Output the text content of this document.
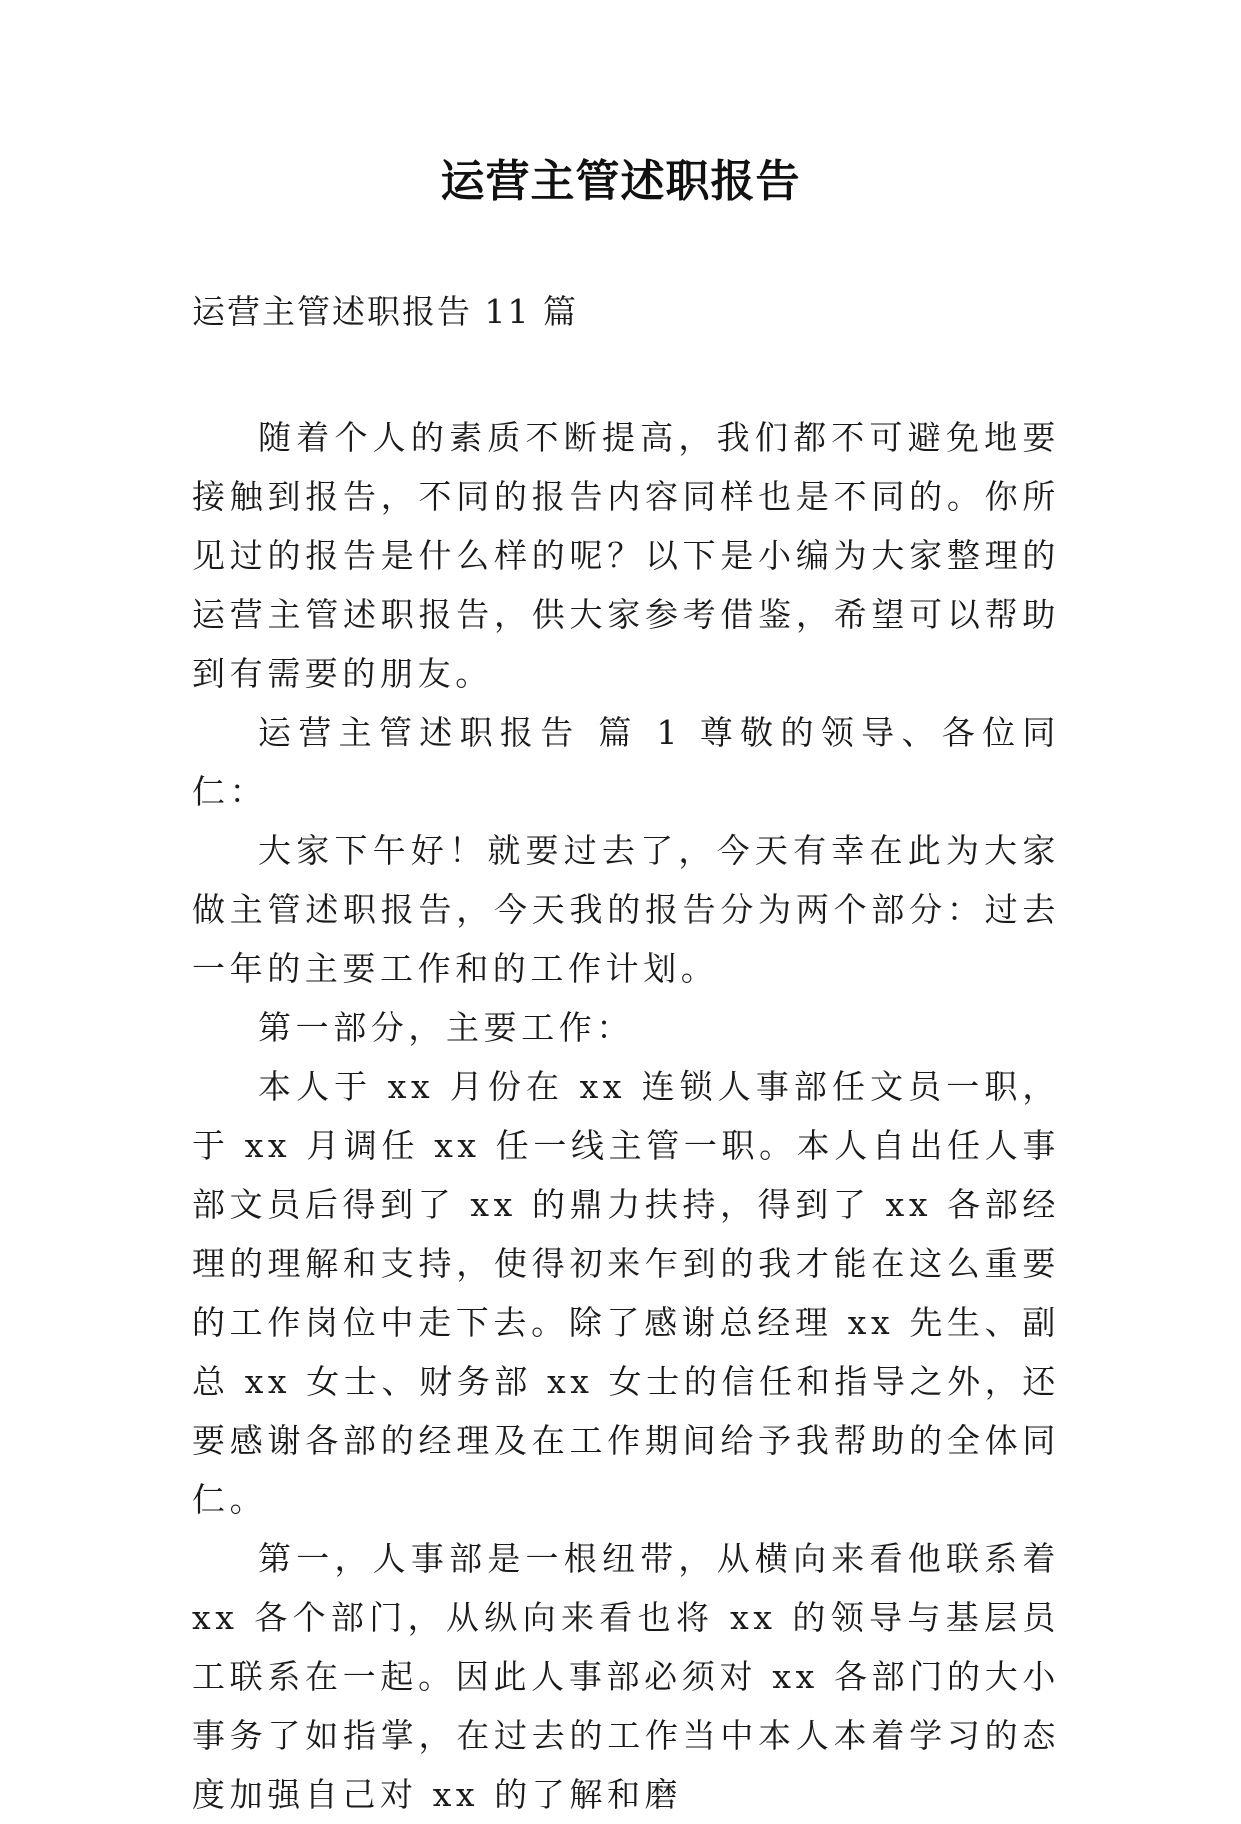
运营主管述职报告
运营主管述职报告 11 篇

随着个人的素质不断提高，我们都不可避免地要接触到报告，不同的报告内容同样也是不同的。你所见过的报告是什么样的呢？以下是小编为大家整理的运营主管述职报告，供大家参考借鉴，希望可以帮助到有需要的朋友。

运营主管述职报告 篇 1 尊敬的领导、各位同仁：

大家下午好！就要过去了，今天有幸在此为大家做主管述职报告，今天我的报告分为两个部分：过去一年的主要工作和的工作计划。

第一部分，主要工作：

本人于 xx 月份在 xx 连锁人事部任文员一职，于 xx 月调任 xx 任一线主管一职。本人自出任人事部文员后得到了 xx 的鼎力扶持，得到了 xx 各部经理的理解和支持，使得初来乍到的我才能在这么重要的工作岗位中走下去。除了感谢总经理 xx 先生、副总 xx 女士、财务部 xx 女士的信任和指导之外，还要感谢各部的经理及在工作期间给予我帮助的全体同仁。

第一，人事部是一根纽带，从横向来看他联系着 xx 各个部门，从纵向来看也将 xx 的领导与基层员工联系在一起。因此人事部必须对 xx 各部门的大小事务了如指掌，在过去的工作当中本人本着学习的态度加强自己对 xx 的了解和磨
